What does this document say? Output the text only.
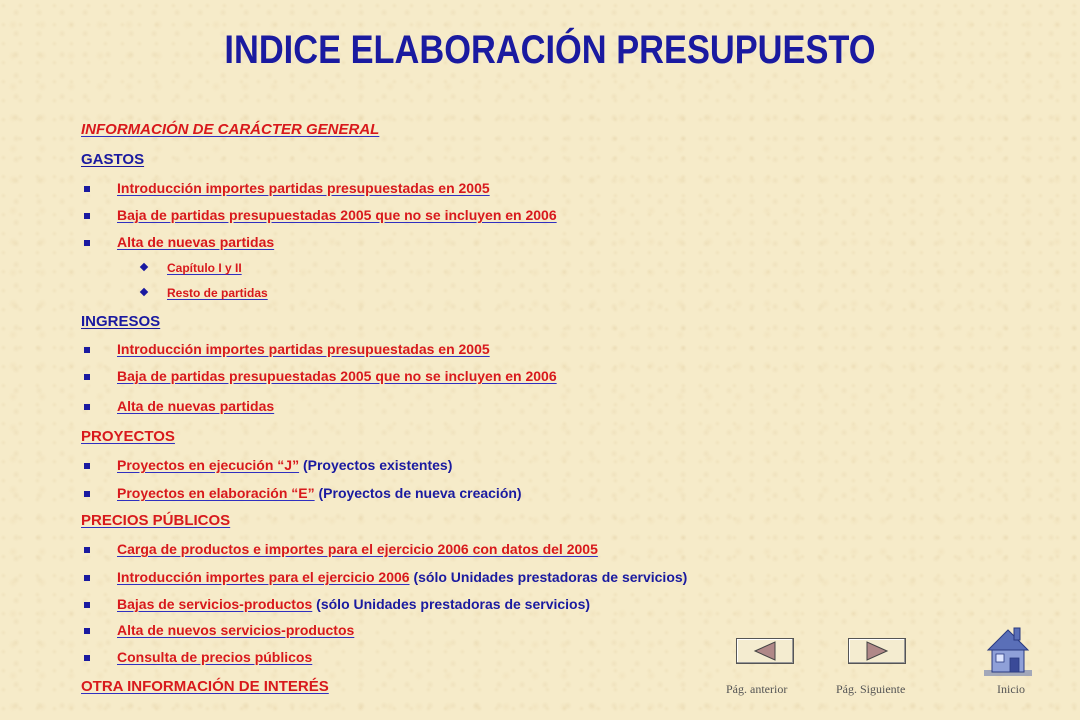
INDICE ELABORACIÓN PRESUPUESTO
INFORMACIÓN DE CARÁCTER GENERAL
GASTOS
Introducción importes partidas presupuestadas en 2005
Baja de partidas presupuestadas 2005 que no se incluyen en 2006
Alta de nuevas partidas
Capítulo I y II
Resto de partidas
INGRESOS
Introducción importes partidas presupuestadas en 2005
Baja de partidas presupuestadas 2005 que no se incluyen en 2006
Alta de nuevas partidas
PROYECTOS
Proyectos en ejecución “J” (Proyectos existentes)
Proyectos en elaboración “E” (Proyectos de nueva creación)
PRECIOS PÚBLICOS
Carga de productos e importes para el ejercicio 2006 con datos del 2005
Introducción importes para el ejercicio 2006 (sólo Unidades prestadoras de servicios)
Bajas de servicios-productos (sólo Unidades prestadoras de servicios)
Alta de nuevos servicios-productos
Consulta de precios públicos
OTRA INFORMACIÓN DE INTERÉS	Pág. anterior	Pág. Siguiente	Inicio
